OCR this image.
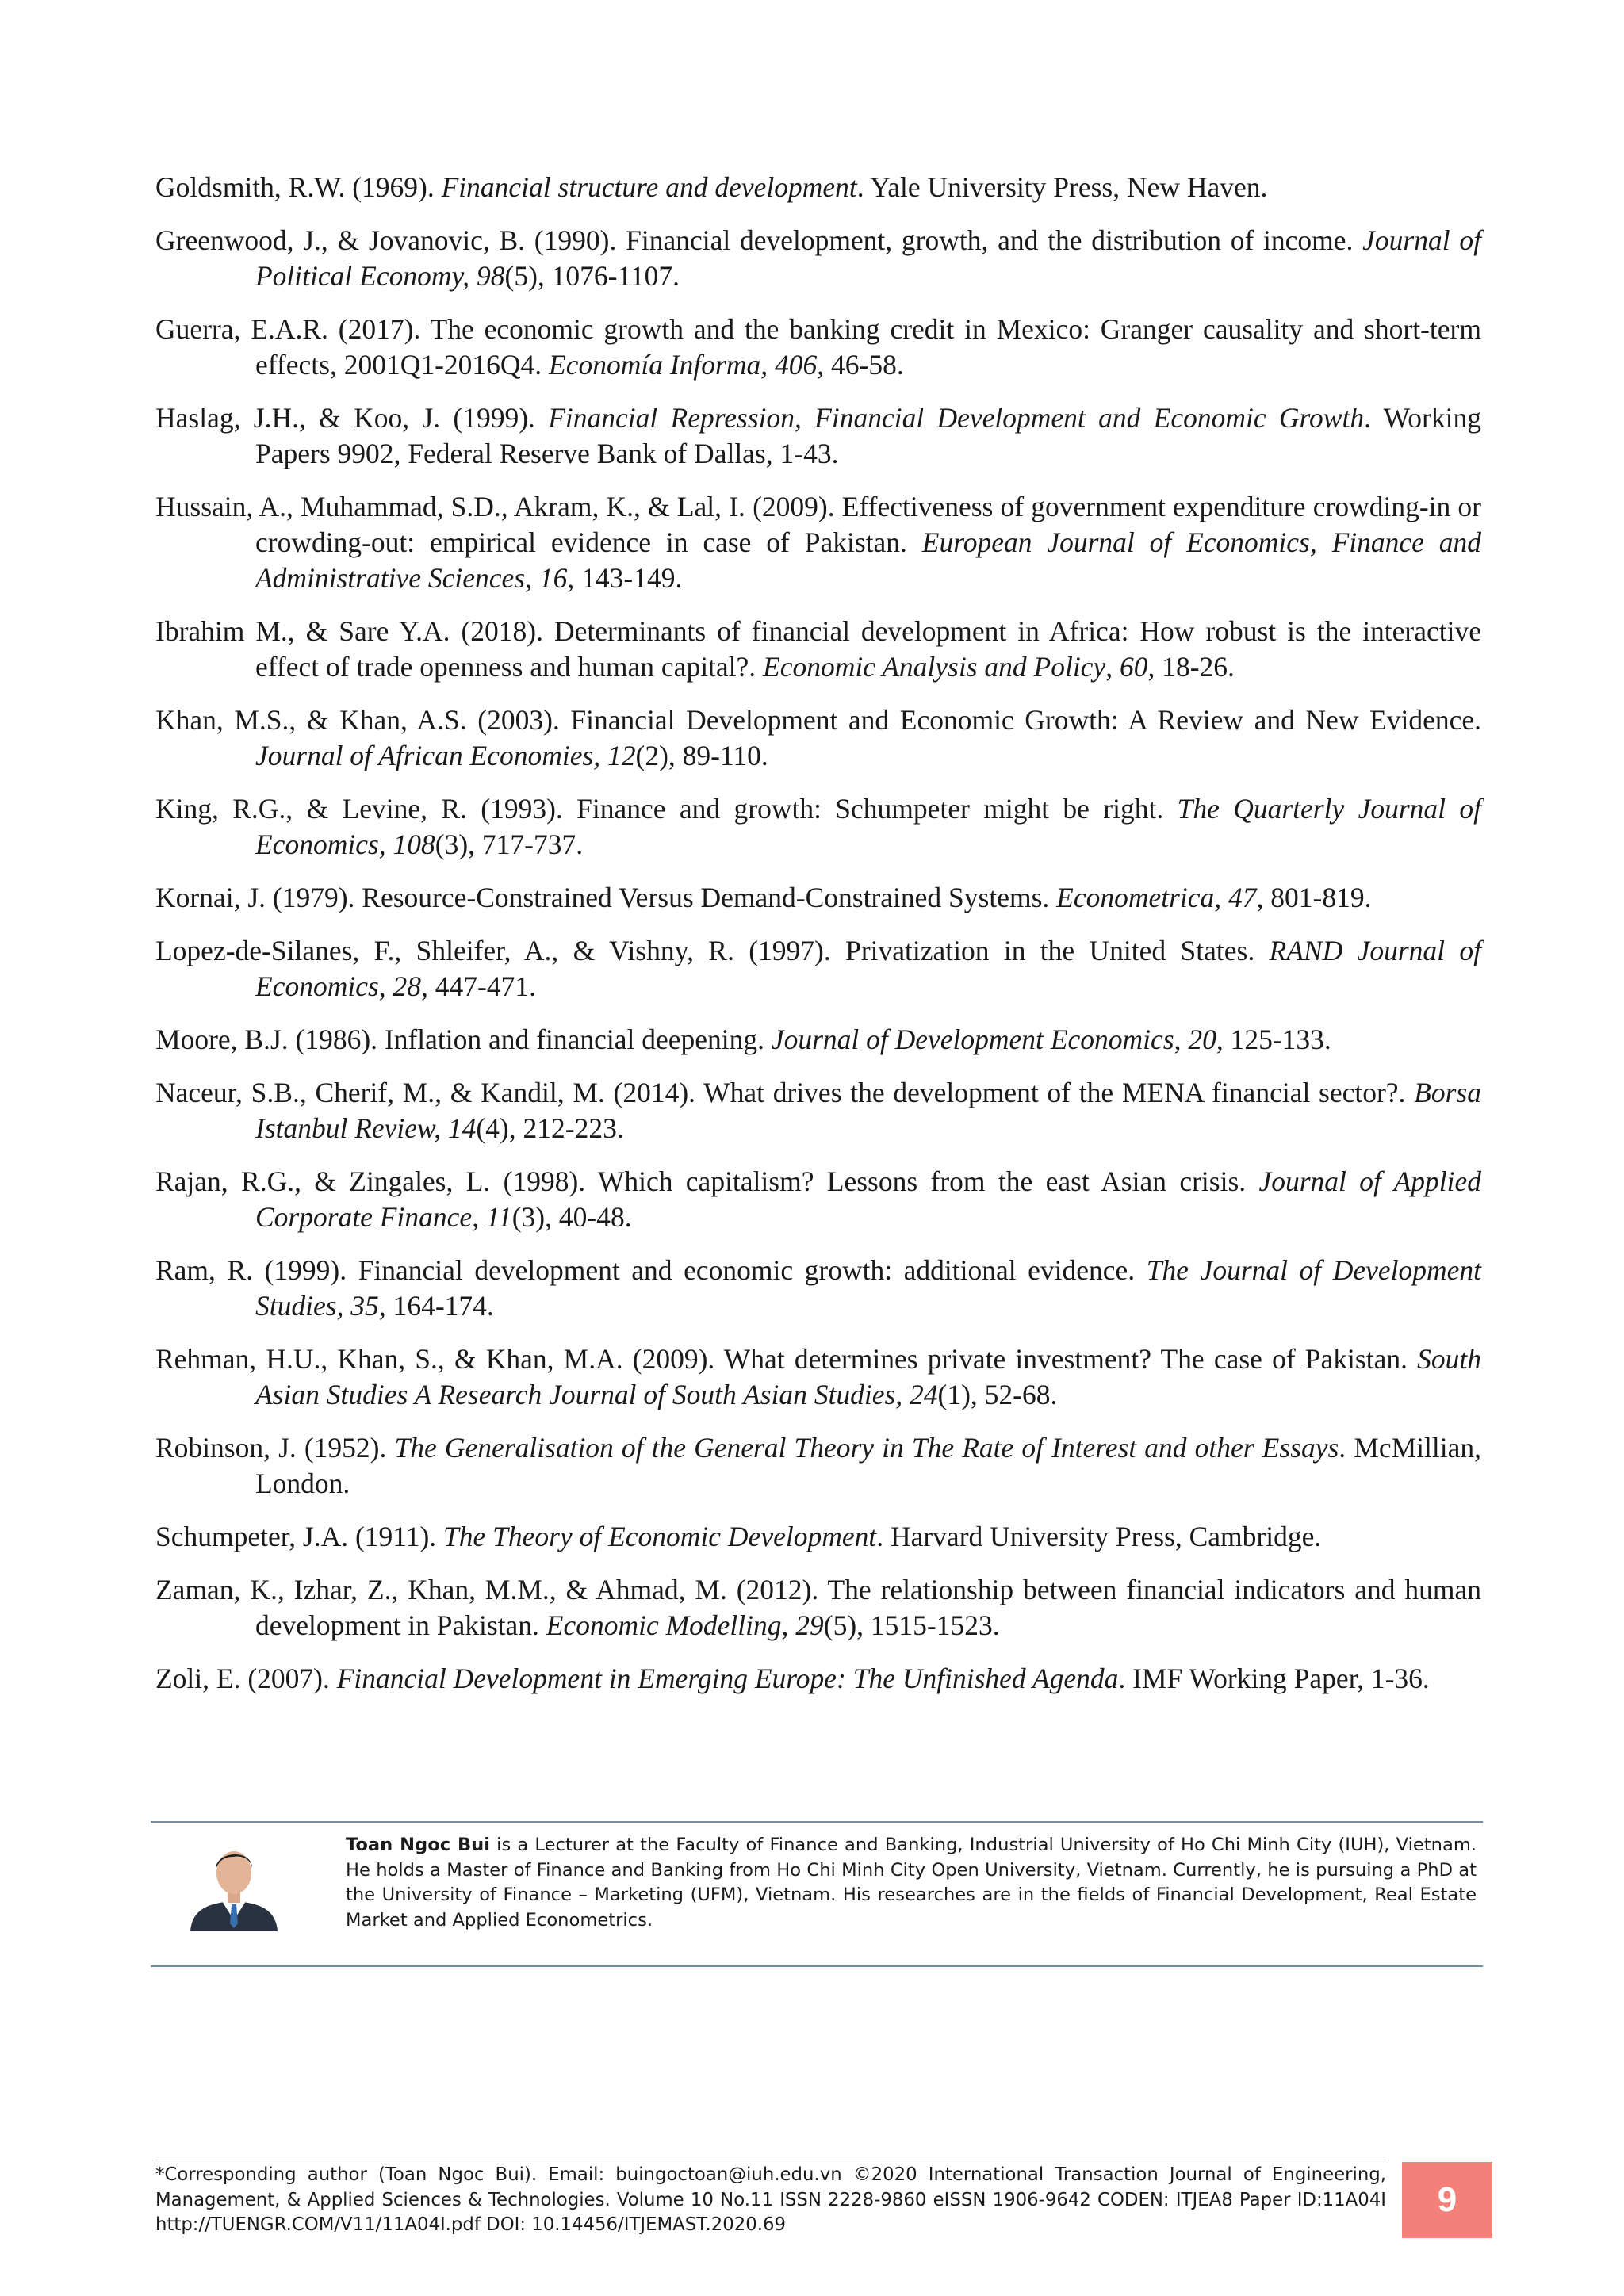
Goldsmith, R.W. (1969). Financial structure and development. Yale University Press, New Haven.

Greenwood, J., & Jovanovic, B. (1990). Financial development, growth, and the distribution of income. Journal of Political Economy, 98(5), 1076-1107.

Guerra, E.A.R. (2017). The economic growth and the banking credit in Mexico: Granger causality and short-term effects, 2001Q1-2016Q4. Economía Informa, 406, 46-58.

Haslag, J.H., & Koo, J. (1999). Financial Repression, Financial Development and Economic Growth. Working Papers 9902, Federal Reserve Bank of Dallas, 1-43.

Hussain, A., Muhammad, S.D., Akram, K., & Lal, I. (2009). Effectiveness of government expenditure crowding-in or crowding-out: empirical evidence in case of Pakistan. European Journal of Economics, Finance and Administrative Sciences, 16, 143-149.

Ibrahim M., & Sare Y.A. (2018). Determinants of financial development in Africa: How robust is the interactive effect of trade openness and human capital?. Economic Analysis and Policy, 60, 18-26.

Khan, M.S., & Khan, A.S. (2003). Financial Development and Economic Growth: A Review and New Evidence. Journal of African Economies, 12(2), 89-110.

King, R.G., & Levine, R. (1993). Finance and growth: Schumpeter might be right. The Quarterly Journal of Economics, 108(3), 717-737.

Kornai, J. (1979). Resource-Constrained Versus Demand-Constrained Systems. Econometrica, 47, 801-819.

Lopez-de-Silanes, F., Shleifer, A., & Vishny, R. (1997). Privatization in the United States. RAND Journal of Economics, 28, 447-471.

Moore, B.J. (1986). Inflation and financial deepening. Journal of Development Economics, 20, 125-133.

Naceur, S.B., Cherif, M., & Kandil, M. (2014). What drives the development of the MENA financial sector?. Borsa Istanbul Review, 14(4), 212-223.

Rajan, R.G., & Zingales, L. (1998). Which capitalism? Lessons from the east Asian crisis. Journal of Applied Corporate Finance, 11(3), 40-48.

Ram, R. (1999). Financial development and economic growth: additional evidence. The Journal of Development Studies, 35, 164-174.

Rehman, H.U., Khan, S., & Khan, M.A. (2009). What determines private investment? The case of Pakistan. South Asian Studies A Research Journal of South Asian Studies, 24(1), 52-68.

Robinson, J. (1952). The Generalisation of the General Theory in The Rate of Interest and other Essays. McMillian, London.

Schumpeter, J.A. (1911). The Theory of Economic Development. Harvard University Press, Cambridge.

Zaman, K., Izhar, Z., Khan, M.M., & Ahmad, M. (2012). The relationship between financial indicators and human development in Pakistan. Economic Modelling, 29(5), 1515-1523.

Zoli, E. (2007). Financial Development in Emerging Europe: The Unfinished Agenda. IMF Working Paper, 1-36.

Toan Ngoc Bui is a Lecturer at the Faculty of Finance and Banking, Industrial University of Ho Chi Minh City (IUH), Vietnam. He holds a Master of Finance and Banking from Ho Chi Minh City Open University, Vietnam. Currently, he is pursuing a PhD at the University of Finance – Marketing (UFM), Vietnam. His researches are in the fields of Financial Development, Real Estate Market and Applied Econometrics.
*Corresponding author (Toan Ngoc Bui). Email: buingoctoan@iuh.edu.vn ©2020 International Transaction Journal of Engineering, Management, & Applied Sciences & Technologies. Volume 10 No.11 ISSN 2228-9860 eISSN 1906-9642 CODEN: ITJEA8 Paper ID:11A04I http://TUENGR.COM/V11/11A04I.pdf DOI: 10.14456/ITJEMAST.2020.69
9
